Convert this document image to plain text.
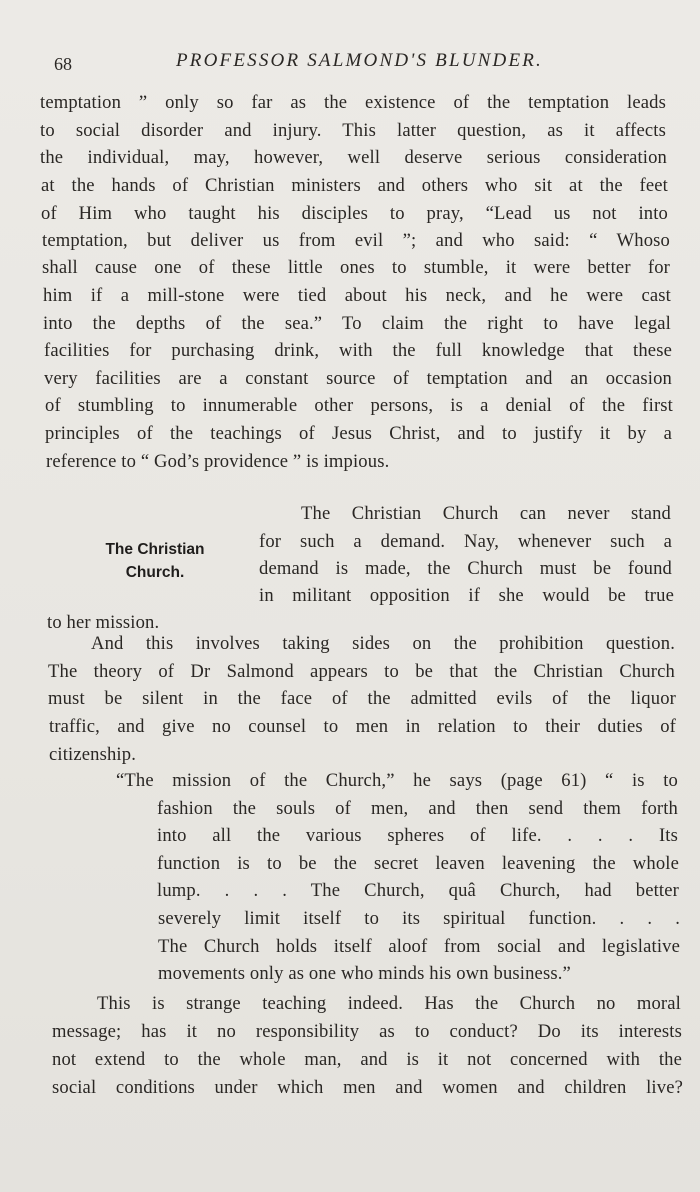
68	PROFESSOR SALMOND'S BLUNDER.

temptation ” only so far as the existence of the temptation leads

to social disorder and injury. This latter question, as it affects

the individual, may, however, well deserve serious consideration

at the hands of Christian ministers and others who sit at the feet

of Him who taught his disciples to pray, “Lead us not into

temptation, but deliver us from evil ”; and who said: “ Whoso

shall cause one of these little ones to stumble, it were better for

him if a mill-stone were tied about his neck, and he were cast

into the depths of the sea.” To claim the right to have legal

facilities for purchasing drink, with the full knowledge that these

very facilities are a constant source of temptation and an occasion

of stumbling to innumerable other persons, is a denial of the first

principles of the teachings of Jesus Christ, and to justify it by a

reference to “ God’s providence ” is impious.

The Christian
Church.

The Christian Church can never stand

for such a demand. Nay, whenever such a

demand is made, the Church must be found

in militant opposition if she would be true

to her mission.

And this involves taking sides on the prohibition question.

The theory of Dr Salmond appears to be that the Christian Church

must be silent in the face of the admitted evils of the liquor

traffic, and give no counsel to men in relation to their duties of

citizenship.

“The mission of the Church,” he says (page 61) “ is to

fashion the souls of men, and then send them forth

into all the various spheres of life. . . . Its

function is to be the secret leaven leavening the whole

lump. . . . The Church, quâ Church, had better

severely limit itself to its spiritual function. . . .

The Church holds itself aloof from social and legislative

movements only as one who minds his own business.”

This is strange teaching indeed. Has the Church no moral

message; has it no responsibility as to conduct? Do its interests

not extend to the whole man, and is it not concerned with the

social conditions under which men and women and children live?
